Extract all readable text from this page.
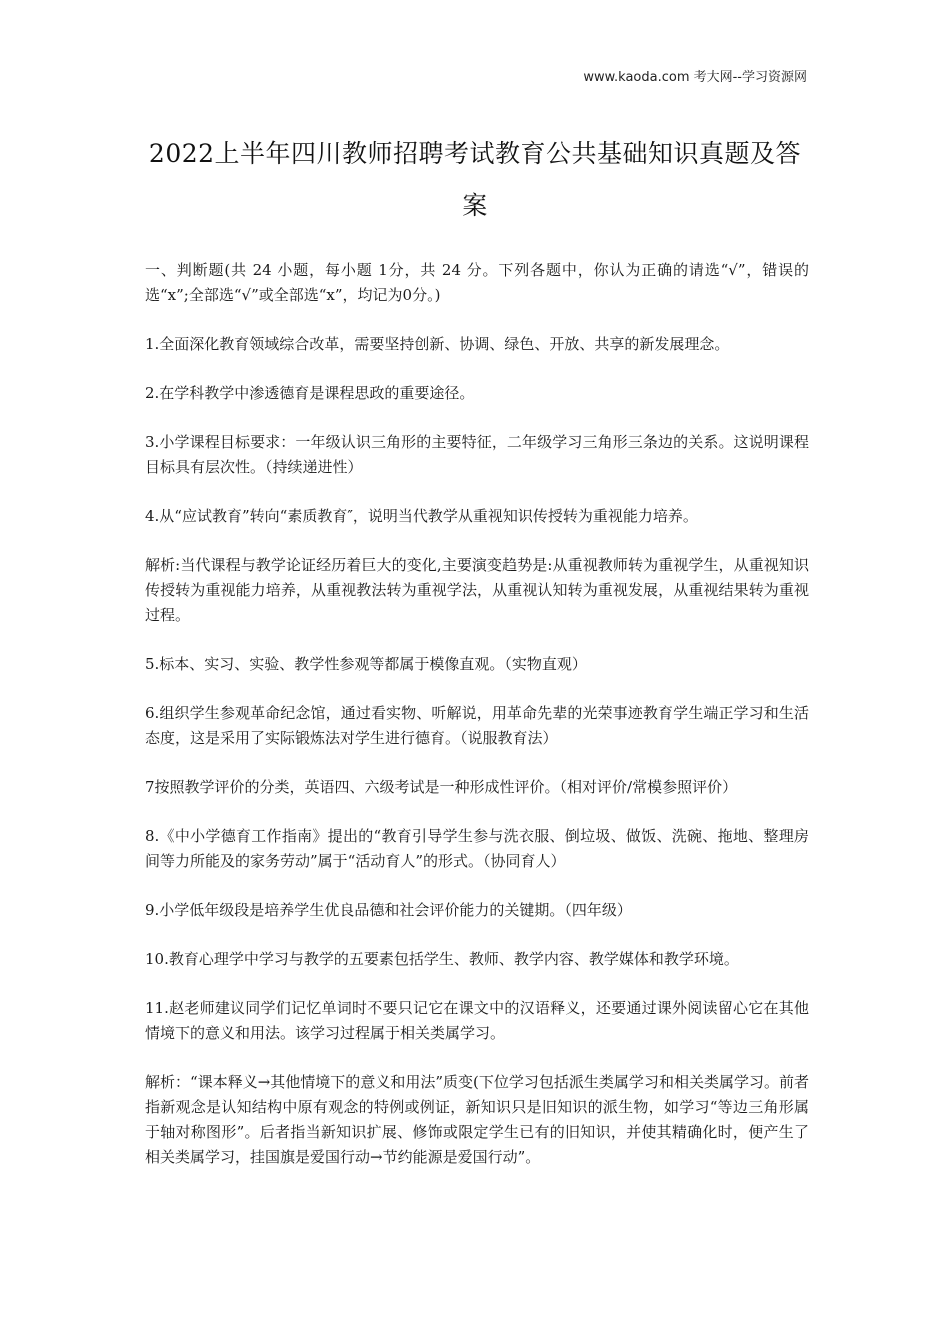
www.kaoda.com 考大网--学习资源网
2022上半年四川教师招聘考试教育公共基础知识真题及答案

一、判断题(共 24 小题，每小题 1分，共 24 分。下列各题中，你认为正确的请选“√”，错误的选“x”;全部选“√”或全部选“x”，均记为0分。)

1.全面深化教育领域综合改革，需要坚持创新、协调、绿色、开放、共享的新发展理念。

2.在学科教学中渗透德育是课程思政的重要途径。

3.小学课程目标要求：一年级认识三角形的主要特征，二年级学习三角形三条边的关系。这说明课程目标具有层次性。（持续递进性）

4.从“应试教育”转向“素质教育″，说明当代教学从重视知识传授转为重视能力培养。

解析:当代课程与教学论证经历着巨大的变化,主要演变趋势是:从重视教师转为重视学生，从重视知识传授转为重视能力培养，从重视教法转为重视学法，从重视认知转为重视发展，从重视结果转为重视过程。

5.标本、实习、实验、教学性参观等都属于模像直观。（实物直观）

6.组织学生参观革命纪念馆，通过看实物、听解说，用革命先辈的光荣事迹教育学生端正学习和生活态度，这是采用了实际锻炼法对学生进行德育。（说服教育法）

7按照教学评价的分类，英语四、六级考试是一种形成性评价。（相对评价/常模参照评价）

8.《中小学德育工作指南》提出的“教育引导学生参与洗衣服、倒垃圾、做饭、洗碗、拖地、整理房间等力所能及的家务劳动”属于“活动育人”的形式。（协同育人）

9.小学低年级段是培养学生优良品德和社会评价能力的关键期。（四年级）

10.教育心理学中学习与教学的五要素包括学生、教师、教学内容、教学媒体和教学环境。

11.赵老师建议同学们记忆单词时不要只记它在课文中的汉语释义，还要通过课外阅读留心它在其他情境下的意义和用法。该学习过程属于相关类属学习。

解析：“课本释义→其他情境下的意义和用法”质变(下位学习包括派生类属学习和相关类属学习。前者指新观念是认知结构中原有观念的特例或例证，新知识只是旧知识的派生物，如学习“等边三角形属于轴对称图形”。后者指当新知识扩展、修饰或限定学生已有的旧知识，并使其精确化时，便产生了相关类属学习，挂国旗是爱国行动→节约能源是爱国行动”。
